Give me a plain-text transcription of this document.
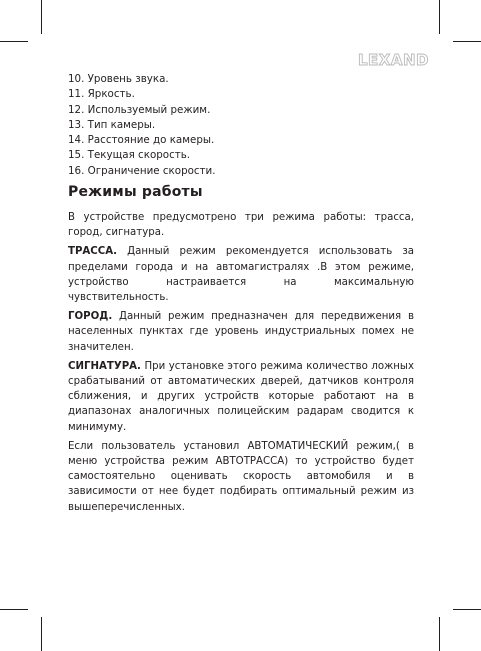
LEXAND
10. Уровень звука.
11. Яркость.
12. Используемый режим.
13. Тип камеры.
14. Расстояние до камеры.
15. Текущая скорость.
16. Ограничение скорости.
Режимы работы

В устройстве предусмотрено три режима работы: трасса, город, сигнатура.

ТРАССА. Данный режим рекомендуется использовать за пределами города и на автомагистралях .В этом режиме, устройство настраивается на максимальную чувствительность.

ГОРОД. Данный режим предназначен для передвижения в населенных пунктах где уровень индустриальных помех не значителен.

СИГНАТУРА. При установке этого режима количество ложных срабатываний от автоматических дверей, датчиков контроля сближения, и других устройств которые работают на в диапазонах аналогичных полицейским радарам сводится к минимуму.

Если пользователь установил АВТОМАТИЧЕСКИЙ режим,( в меню устройства режим АВТОТРАССА) то устройство будет самостоятельно оценивать скорость автомобиля и в зависимости от нее будет подбирать оптимальный режим из вышеперечисленных.
